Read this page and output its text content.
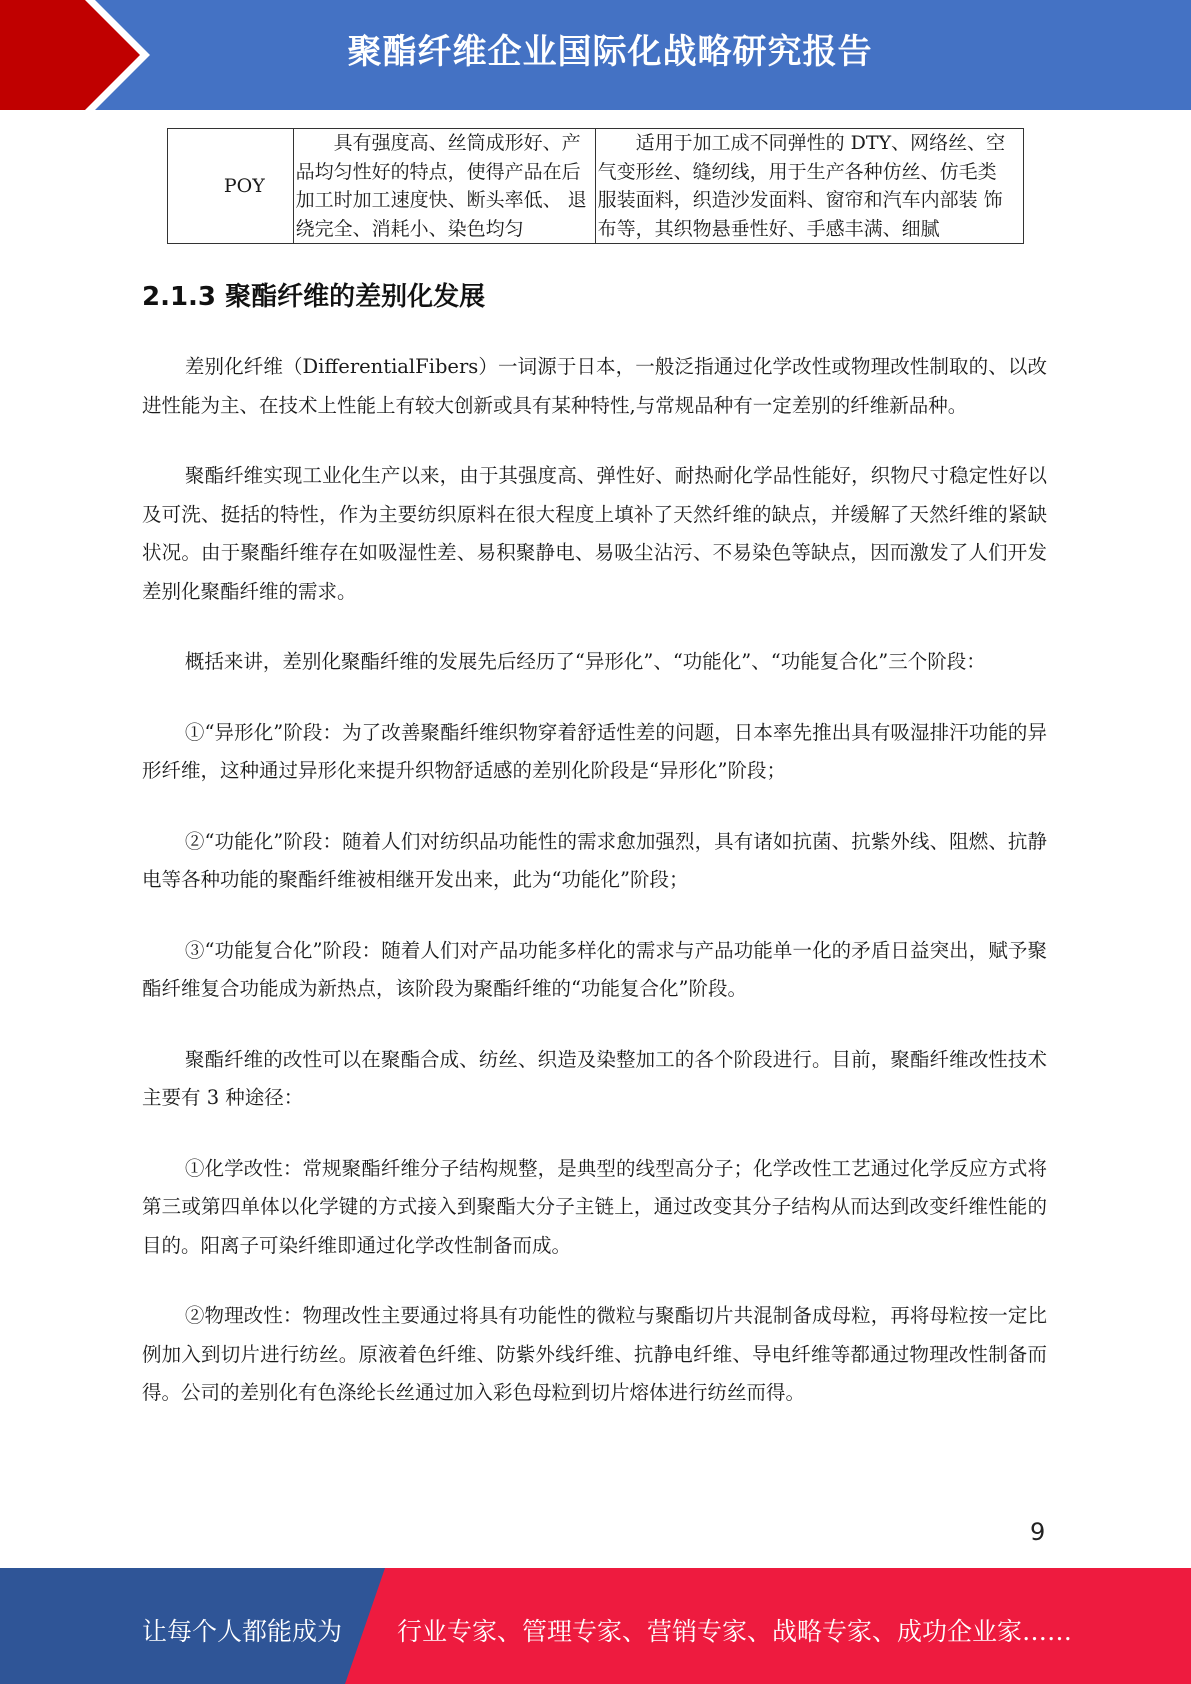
聚酯纤维企业国际化战略研究报告
POY	具有强度高、丝筒成形好、产品均匀性好的特点，使得产品在后 加工时加工速度快、断头率低、 退绕完全、消耗小、染色均匀	适用于加工成不同弹性的 DTY、网络丝、空气变形丝、缝纫线，用于生产各种仿丝、仿毛类 服装面料，织造沙发面料、窗帘和汽车内部装 饰布等，其织物悬垂性好、手感丰满、细腻
2.1.3 聚酯纤维的差别化发展

差别化纤维（DifferentialFibers）一词源于日本，一般泛指通过化学改性或物理改性制取的、以改进性能为主、在技术上性能上有较大创新或具有某种特性,与常规品种有一定差别的纤维新品种。

聚酯纤维实现工业化生产以来，由于其强度高、弹性好、耐热耐化学品性能好，织物尺寸稳定性好以及可洗、挺括的特性，作为主要纺织原料在很大程度上填补了天然纤维的缺点，并缓解了天然纤维的紧缺状况。由于聚酯纤维存在如吸湿性差、易积聚静电、易吸尘沾污、不易染色等缺点，因而激发了人们开发差别化聚酯纤维的需求。

概括来讲，差别化聚酯纤维的发展先后经历了“异形化”、“功能化”、“功能复合化”三个阶段：

①“异形化”阶段：为了改善聚酯纤维织物穿着舒适性差的问题，日本率先推出具有吸湿排汗功能的异形纤维，这种通过异形化来提升织物舒适感的差别化阶段是“异形化”阶段；

②“功能化”阶段：随着人们对纺织品功能性的需求愈加强烈，具有诸如抗菌、抗紫外线、阻燃、抗静电等各种功能的聚酯纤维被相继开发出来，此为“功能化”阶段；

③“功能复合化”阶段：随着人们对产品功能多样化的需求与产品功能单一化的矛盾日益突出，赋予聚酯纤维复合功能成为新热点，该阶段为聚酯纤维的“功能复合化”阶段。

聚酯纤维的改性可以在聚酯合成、纺丝、织造及染整加工的各个阶段进行。目前，聚酯纤维改性技术主要有 3 种途径：

①化学改性：常规聚酯纤维分子结构规整，是典型的线型高分子；化学改性工艺通过化学反应方式将第三或第四单体以化学键的方式接入到聚酯大分子主链上，通过改变其分子结构从而达到改变纤维性能的目的。阳离子可染纤维即通过化学改性制备而成。

②物理改性：物理改性主要通过将具有功能性的微粒与聚酯切片共混制备成母粒，再将母粒按一定比例加入到切片进行纺丝。原液着色纤维、防紫外线纤维、抗静电纤维、导电纤维等都通过物理改性制备而得。公司的差别化有色涤纶长丝通过加入彩色母粒到切片熔体进行纺丝而得。

9
让每个人都能成为 行业专家、管理专家、营销专家、战略专家、成功企业家……
